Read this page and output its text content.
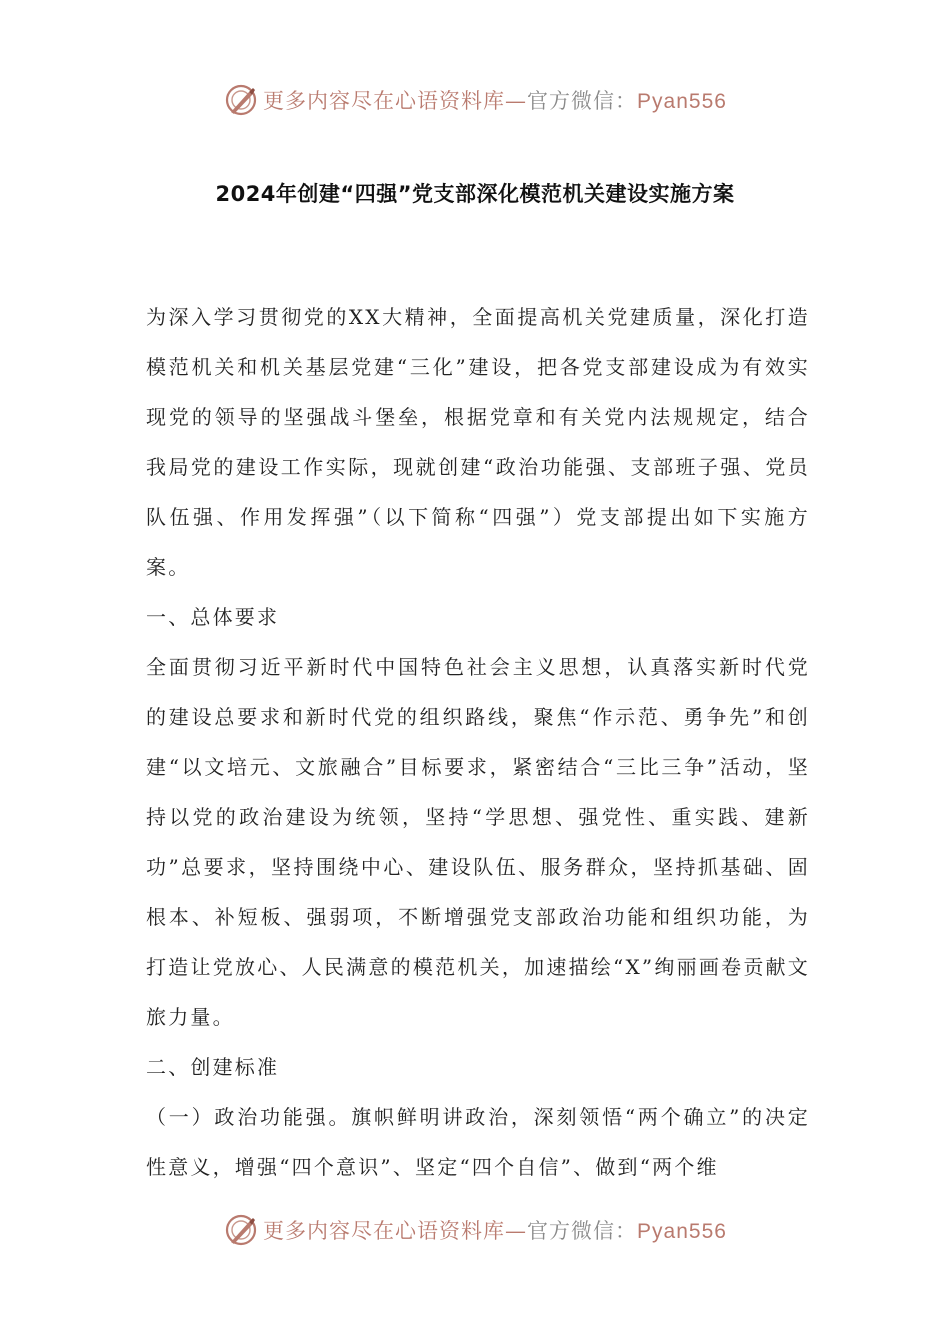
更多内容尽在心语资料库—官方微信：Pyan556
2024年创建“四强”党支部深化模范机关建设实施方案

为深入学习贯彻党的XX大精神，全面提高机关党建质量，深化打造模范机关和机关基层党建“三化”建设，把各党支部建设成为有效实现党的领导的坚强战斗堡垒，根据党章和有关党内法规规定，结合我局党的建设工作实际，现就创建“政治功能强、支部班子强、党员队伍强、作用发挥强”（以下简称“四强”）党支部提出如下实施方案。

一、总体要求

全面贯彻习近平新时代中国特色社会主义思想，认真落实新时代党的建设总要求和新时代党的组织路线，聚焦“作示范、勇争先”和创建“以文培元、文旅融合”目标要求，紧密结合“三比三争”活动，坚持以党的政治建设为统领，坚持“学思想、强党性、重实践、建新功”总要求，坚持围绕中心、建设队伍、服务群众，坚持抓基础、固根本、补短板、强弱项，不断增强党支部政治功能和组织功能，为打造让党放心、人民满意的模范机关，加速描绘“X”绚丽画卷贡献文旅力量。

二、创建标准

（一）政治功能强。旗帜鲜明讲政治，深刻领悟“两个确立”的决定性意义，增强“四个意识”、坚定“四个自信”、做到“两个维

更多内容尽在心语资料库—官方微信：Pyan556
